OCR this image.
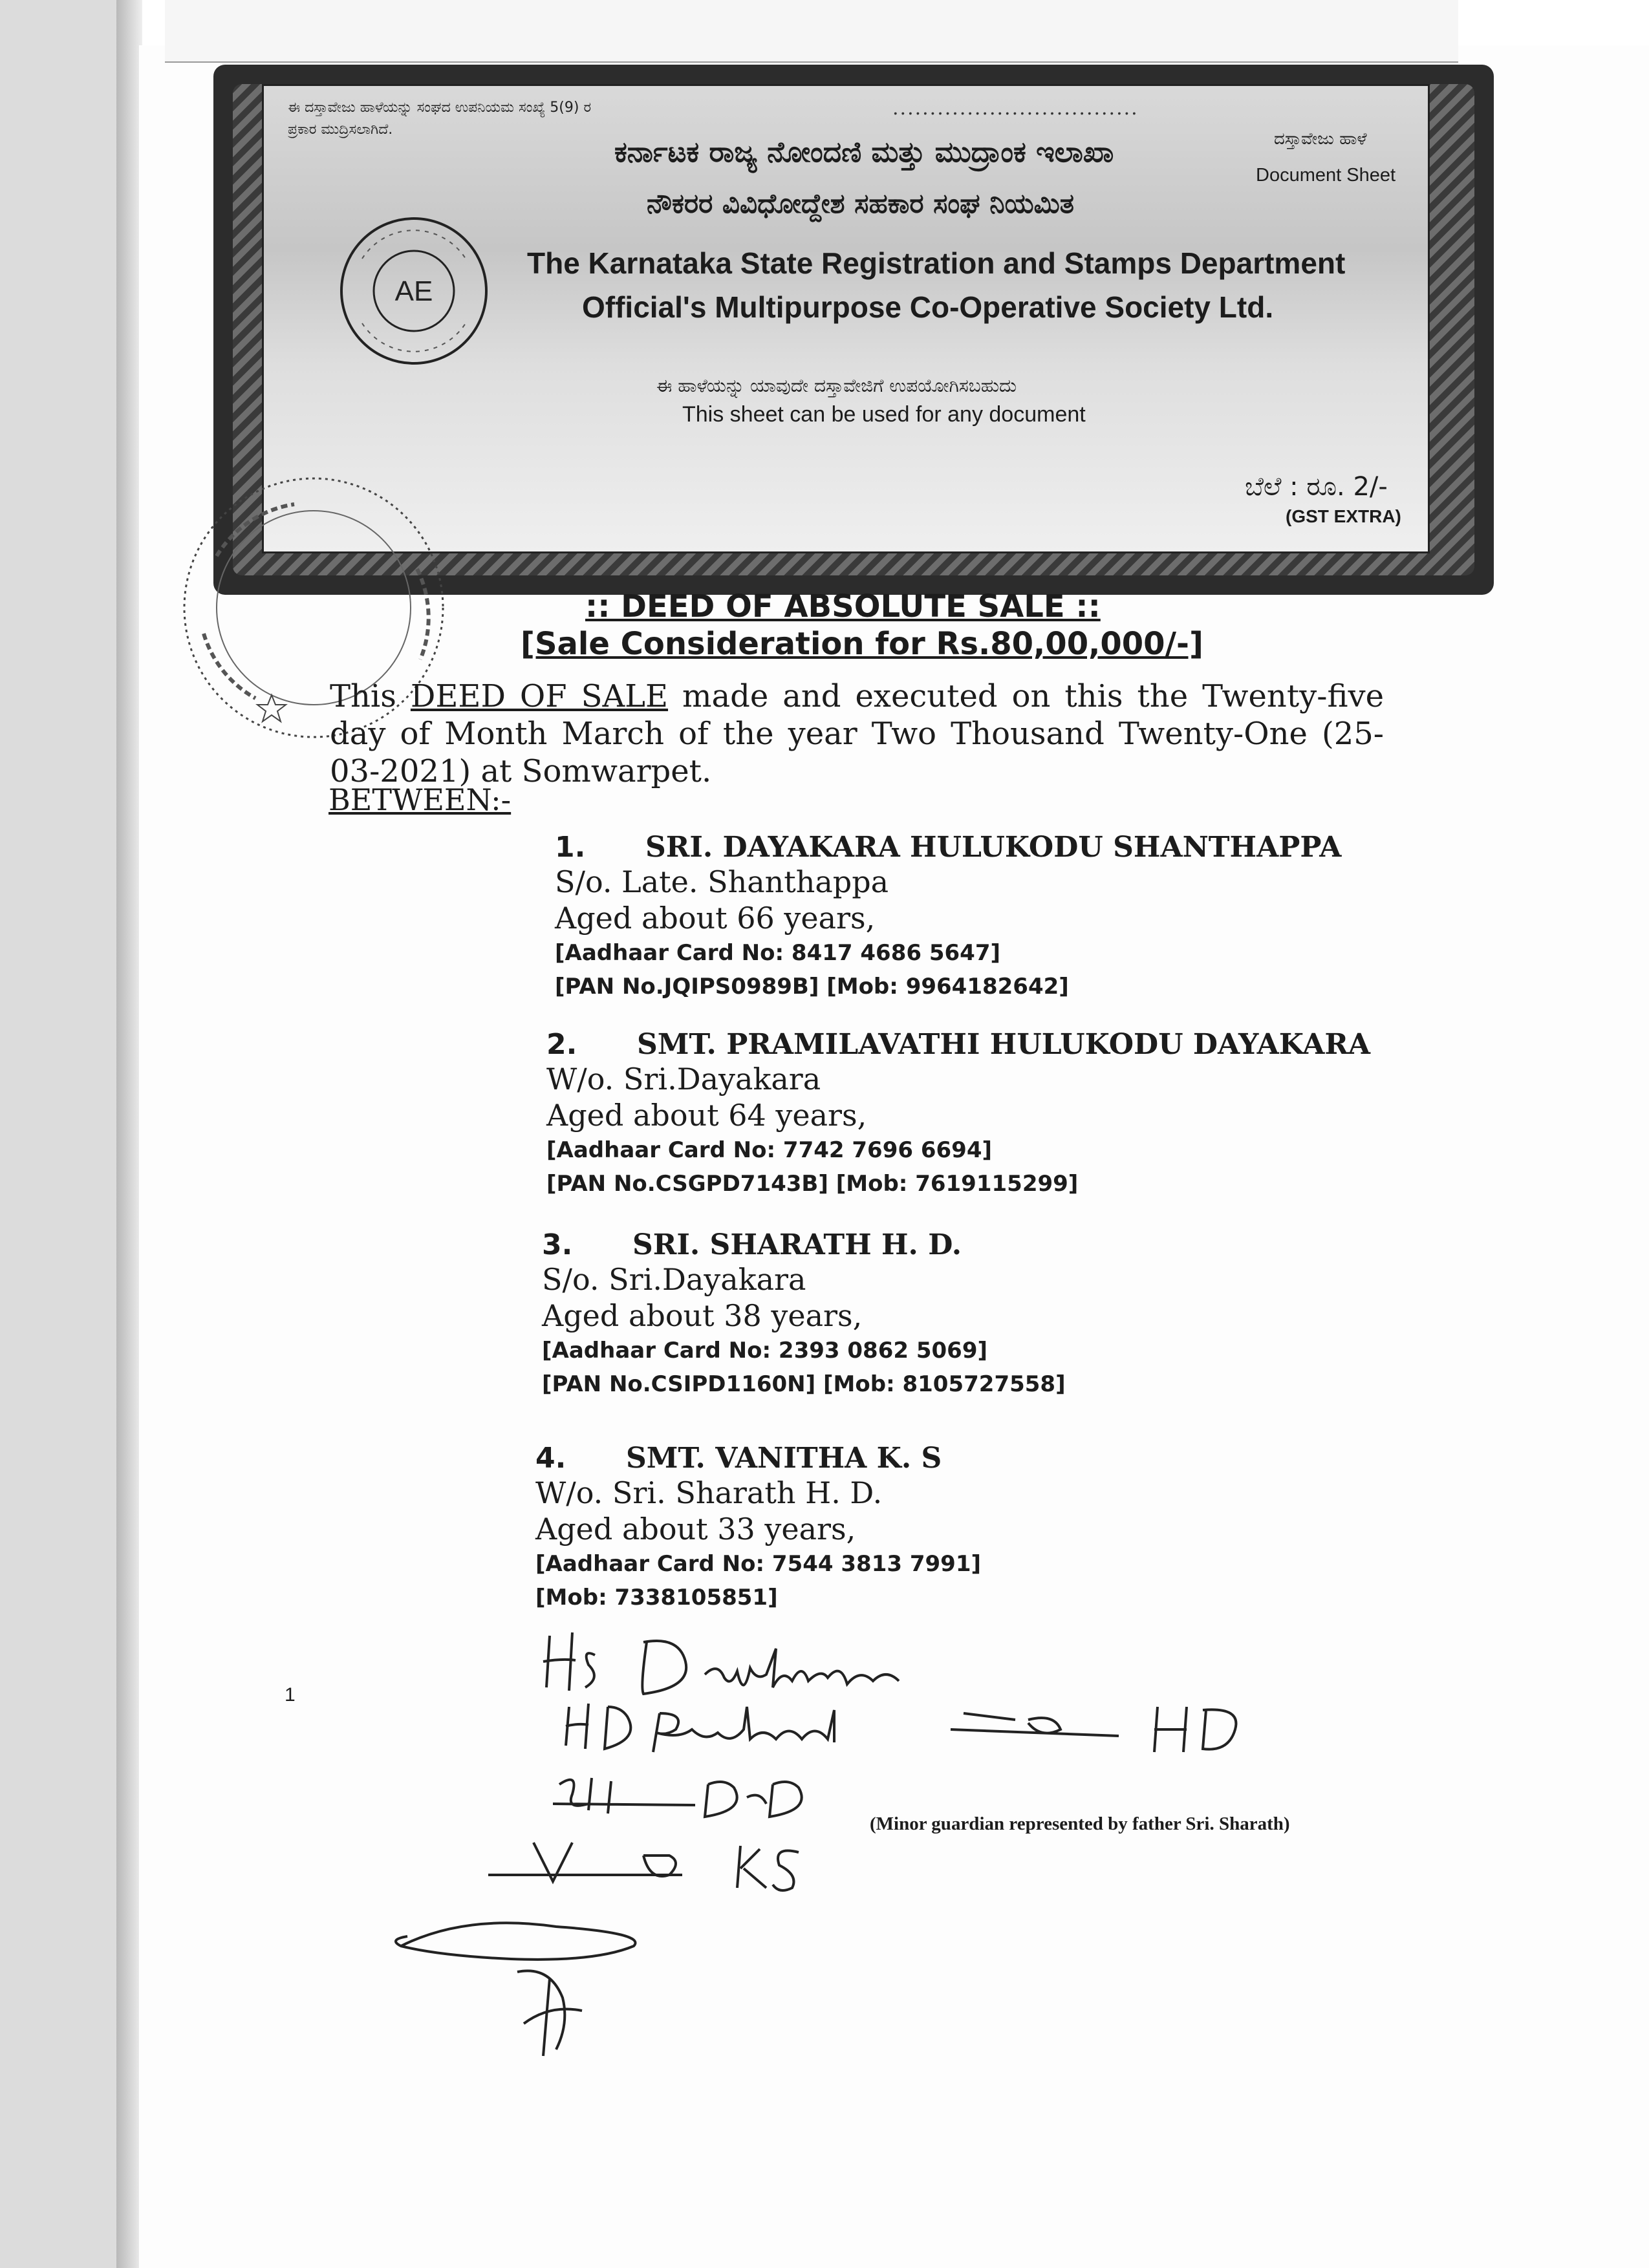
ಈ ದಸ್ತಾವೇಜು ಹಾಳೆಯನ್ನು ಸಂಘದ ಉಪನಿಯಮ ಸಂಖ್ಯೆ 5(9) ರ ಪ್ರಕಾರ ಮುದ್ರಿಸಲಾಗಿದೆ.
.................................
ದಸ್ತಾವೇಜು ಹಾಳೆ
Document Sheet
ಕರ್ನಾಟಕ ರಾಜ್ಯ ನೋಂದಣಿ ಮತ್ತು ಮುದ್ರಾಂಕ ಇಲಾಖಾ
ನೌಕರರ ವಿವಿಧೋದ್ದೇಶ ಸಹಕಾರ ಸಂಘ ನಿಯಮಿತ
The Karnataka State Registration and Stamps Department
Official's Multipurpose Co-Operative Society Ltd.
ಈ ಹಾಳೆಯನ್ನು ಯಾವುದೇ ದಸ್ತಾವೇಜಿಗೆ ಉಪಯೋಗಿಸಬಹುದು
This sheet can be used for any document
ಬೆಲೆ : ರೂ. 2/-
(GST EXTRA)
AE
:: DEED OF ABSOLUTE SALE ::
[Sale Consideration for Rs.80,00,000/-]
This DEED OF SALE made and executed on this the Twenty-five day of Month March of the year Two Thousand Twenty-One (25-03-2021) at Somwarpet.
BETWEEN:-
1. SRI. DAYAKARA HULUKODU SHANTHAPPA
S/o. Late. Shanthappa
Aged about 66 years,
[Aadhaar Card No: 8417 4686 5647]
[PAN No.JQIPS0989B] [Mob: 9964182642]
2. SMT. PRAMILAVATHI HULUKODU DAYAKARA
W/o. Sri.Dayakara
Aged about 64 years,
[Aadhaar Card No: 7742 7696 6694]
[PAN No.CSGPD7143B] [Mob: 7619115299]
3. SRI. SHARATH H. D.
S/o. Sri.Dayakara
Aged about 38 years,
[Aadhaar Card No: 2393 0862 5069]
[PAN No.CSIPD1160N] [Mob: 8105727558]
4. SMT. VANITHA K. S
W/o. Sri. Sharath H. D.
Aged about 33 years,
[Aadhaar Card No: 7544 3813 7991]
[Mob: 7338105851]
1
(Minor guardian represented by father Sri. Sharath)
